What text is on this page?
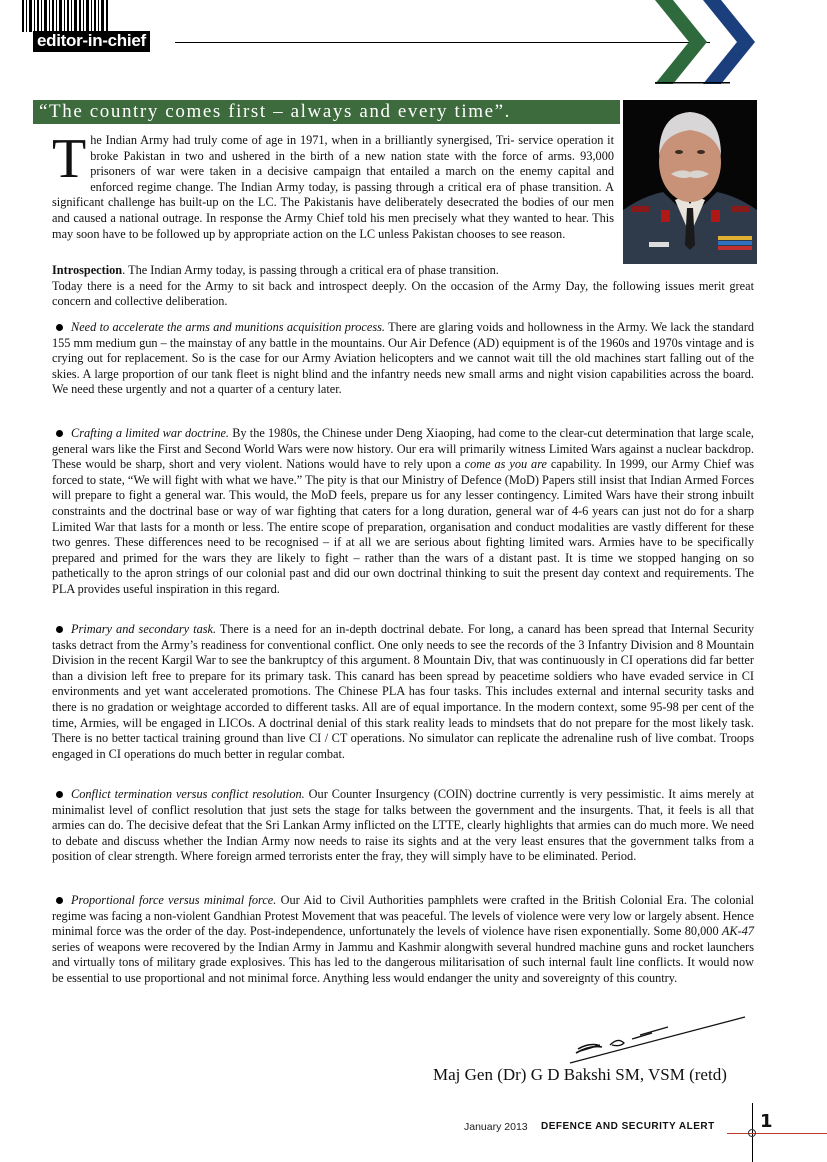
editor-in-chief
“The country comes first – always and every time”.
The Indian Army had truly come of age in 1971, when in a brilliantly synergised, Tri- service operation it broke Pakistan in two and ushered in the birth of a new nation state with the force of arms. 93,000 prisoners of war were taken in a decisive campaign that entailed a march on the enemy capital and enforced regime change. The Indian Army today, is passing through a critical era of phase transition. A significant challenge has built-up on the LC. The Pakistanis have deliberately desecrated the bodies of our men and caused a national outrage. In response the Army Chief told his men precisely what they wanted to hear. This may soon have to be followed up by appropriate action on the LC unless Pakistan chooses to see reason.
Introspection. The Indian Army today, is passing through a critical era of phase transition.
Today there is a need for the Army to sit back and introspect deeply. On the occasion of the Army Day, the following issues merit great concern and collective deliberation.
Need to accelerate the arms and munitions acquisition process. There are glaring voids and hollowness in the Army. We lack the standard 155 mm medium gun – the mainstay of any battle in the mountains. Our Air Defence (AD) equipment is of the 1960s and 1970s vintage and is crying out for replacement. So is the case for our Army Aviation helicopters and we cannot wait till the old machines start falling out of the skies. A large proportion of our tank fleet is night blind and the infantry needs new small arms and night vision capabilities across the board. We need these urgently and not a quarter of a century later.
Crafting a limited war doctrine. By the 1980s, the Chinese under Deng Xiaoping, had come to the clear-cut determination that large scale, general wars like the First and Second World Wars were now history. Our era will primarily witness Limited Wars against a nuclear backdrop. These would be sharp, short and very violent. Nations would have to rely upon a come as you are capability. In 1999, our Army Chief was forced to state, “We will fight with what we have.” The pity is that our Ministry of Defence (MoD) Papers still insist that Indian Armed Forces will prepare to fight a general war. This would, the MoD feels, prepare us for any lesser contingency. Limited Wars have their strong inbuilt constraints and the doctrinal base or way of war fighting that caters for a long duration, general war of 4-6 years can just not do for a sharp Limited War that lasts for a month or less. The entire scope of preparation, organisation and conduct modalities are vastly different for these two genres. These differences need to be recognised – if at all we are serious about fighting limited wars. Armies have to be specifically prepared and primed for the wars they are likely to fight – rather than the wars of a distant past. It is time we stopped hanging on so pathetically to the apron strings of our colonial past and did our own doctrinal thinking to suit the present day context and requirements. The PLA provides useful inspiration in this regard.
Primary and secondary task. There is a need for an in-depth doctrinal debate. For long, a canard has been spread that Internal Security tasks detract from the Army’s readiness for conventional conflict. One only needs to see the records of the 3 Infantry Division and 8 Mountain Division in the recent Kargil War to see the bankruptcy of this argument. 8 Mountain Div, that was continuously in CI operations did far better than a division left free to prepare for its primary task. This canard has been spread by peacetime soldiers who have evaded service in CI environments and yet want accelerated promotions. The Chinese PLA has four tasks. This includes external and internal security tasks and there is no gradation or weightage accorded to different tasks. All are of equal importance. In the modern context, some 95-98 per cent of the time, Armies, will be engaged in LICOs. A doctrinal denial of this stark reality leads to mindsets that do not prepare for the most likely task. There is no better tactical training ground than live CI / CT operations. No simulator can replicate the adrenaline rush of live combat. Troops engaged in CI operations do much better in regular combat.
Conflict termination versus conflict resolution. Our Counter Insurgency (COIN) doctrine currently is very pessimistic. It aims merely at minimalist level of conflict resolution that just sets the stage for talks between the government and the insurgents. That, it feels is all that armies can do. The decisive defeat that the Sri Lankan Army inflicted on the LTTE, clearly highlights that armies can do much more. We need to debate and discuss whether the Indian Army now needs to raise its sights and at the very least ensures that the government talks from a position of clear strength. Where foreign armed terrorists enter the fray, they will simply have to be eliminated. Period.
Proportional force versus minimal force. Our Aid to Civil Authorities pamphlets were crafted in the British Colonial Era. The colonial regime was facing a non-violent Gandhian Protest Movement that was peaceful. The levels of violence were very low or largely absent. Hence minimal force was the order of the day. Post-independence, unfortunately the levels of violence have risen exponentially. Some 80,000 AK-47 series of weapons were recovered by the Indian Army in Jammu and Kashmir alongwith several hundred machine guns and rocket launchers and virtually tons of military grade explosives. This has led to the dangerous militarisation of such internal fault line conflicts. It would now be essential to use proportional and not minimal force. Anything less would endanger the unity and sovereignty of this country.
Maj Gen (Dr) G D Bakshi SM, VSM (retd)
January 2013 DEFENCE AND SECURITY ALERT	1
